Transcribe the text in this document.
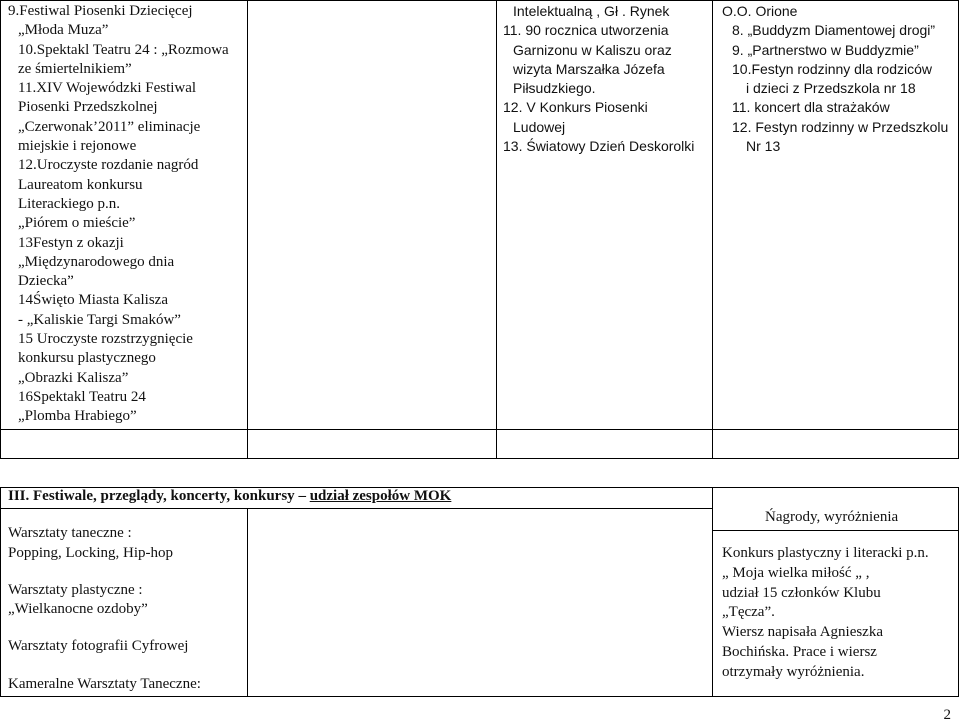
9.Festiwal Piosenki Dziecięcej
„Młoda Muza”
10.Spektakl Teatru 24 : „Rozmowa
ze śmiertelnikiem”
11.XIV Wojewódzki Festiwal
Piosenki Przedszkolnej
„Czerwonak’2011” eliminacje
miejskie i rejonowe
12.Uroczyste rozdanie nagród
Laureatom konkursu
Literackiego p.n.
„Piórem o mieście”
13Festyn z okazji
„Międzynarodowego dnia
Dziecka”
14Święto Miasta Kalisza
- „Kaliskie Targi Smaków”
15 Uroczyste rozstrzygnięcie
konkursu plastycznego
„Obrazki Kalisza”
16Spektakl Teatru 24
„Plomba Hrabiego”
Intelektualną , Gł . Rynek
11. 90 rocznica utworzenia
Garnizonu w Kaliszu oraz
wizyta Marszałka Józefa
Piłsudzkiego.
12. V Konkurs Piosenki
Ludowej
13. Światowy Dzień Deskorolki
O.O. Orione
8. „Buddyzm Diamentowej drogi”
9. „Partnerstwo w Buddyzmie”
10.Festyn rodzinny dla rodziców
i dzieci z Przedszkola nr 18
11. koncert dla strażaków
12. Festyn rodzinny w Przedszkolu
Nr 13
III. Festiwale, przeglądy, koncerty, konkursy – udział zespołów MOK
Warsztaty taneczne :
Popping, Locking, Hip-hop
Warsztaty plastyczne :
„Wielkanocne ozdoby”
Warsztaty fotografii Cyfrowej
Kameralne Warsztaty Taneczne:
Ńagrody, wyróżnienia
Konkurs plastyczny i literacki p.n.
„ Moja wielka miłość „ ,
udział 15 członków Klubu
„Tęcza”.
Wiersz napisała Agnieszka
Bochińska. Prace i wiersz
otrzymały wyróżnienia.
2
